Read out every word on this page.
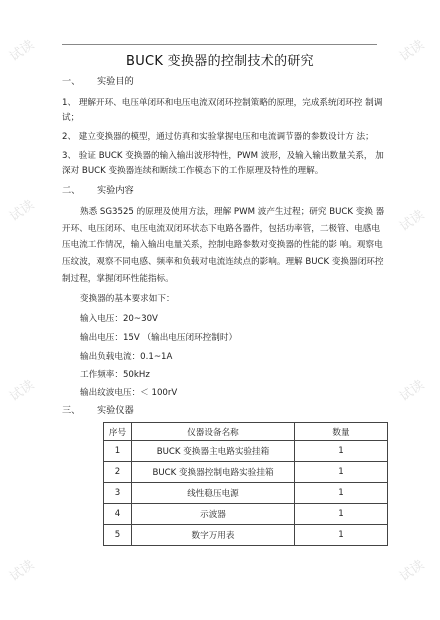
BUCK 变换器的控制技术的研究
一、 实验目的
1、 理解开环、电压单闭环和电压电流双闭环控制策略的原理，完成系统闭环控 制调
试；
2、 建立变换器的模型，通过仿真和实验掌握电压和电流调节器的参数设计方 法；
3、 验证 BUCK 变换器的输入输出波形特性，PWM 波形，及输入输出数量关系， 加
深对 BUCK 变换器连续和断续工作模态下的工作原理及特性的理解。
二、 实验内容
熟悉 SG3525 的原理及使用方法，理解 PWM 波产生过程；研究 BUCK 变换 器
开环、电压闭环、电压电流双闭环状态下电路各器件，包括功率管，二极管、电感电
压电流工作情况，输入输出电量关系，控制电路参数对变换器的性能的影 响。观察电
压纹波，观察不同电感、频率和负载对电流连续点的影响。理解 BUCK 变换器闭环控
制过程，掌握闭环性能指标。
变换器的基本要求如下：
输入电压：20~30V
输出电压：15V （输出电压闭环控制时）
输出负载电流：0.1~1A
工作频率：50kHz
输出纹波电压：＜ 100rV
三、 实验仪器
序号	仪器设备名称	数量
1	BUCK 变换器主电路实验挂箱	1
2	BUCK 变换器控制电路实验挂箱	1
3	线性稳压电源	1
4	示波器	1
5	数字万用表	1
试读	试读
试读	试读
试读	试读
试读	试读
